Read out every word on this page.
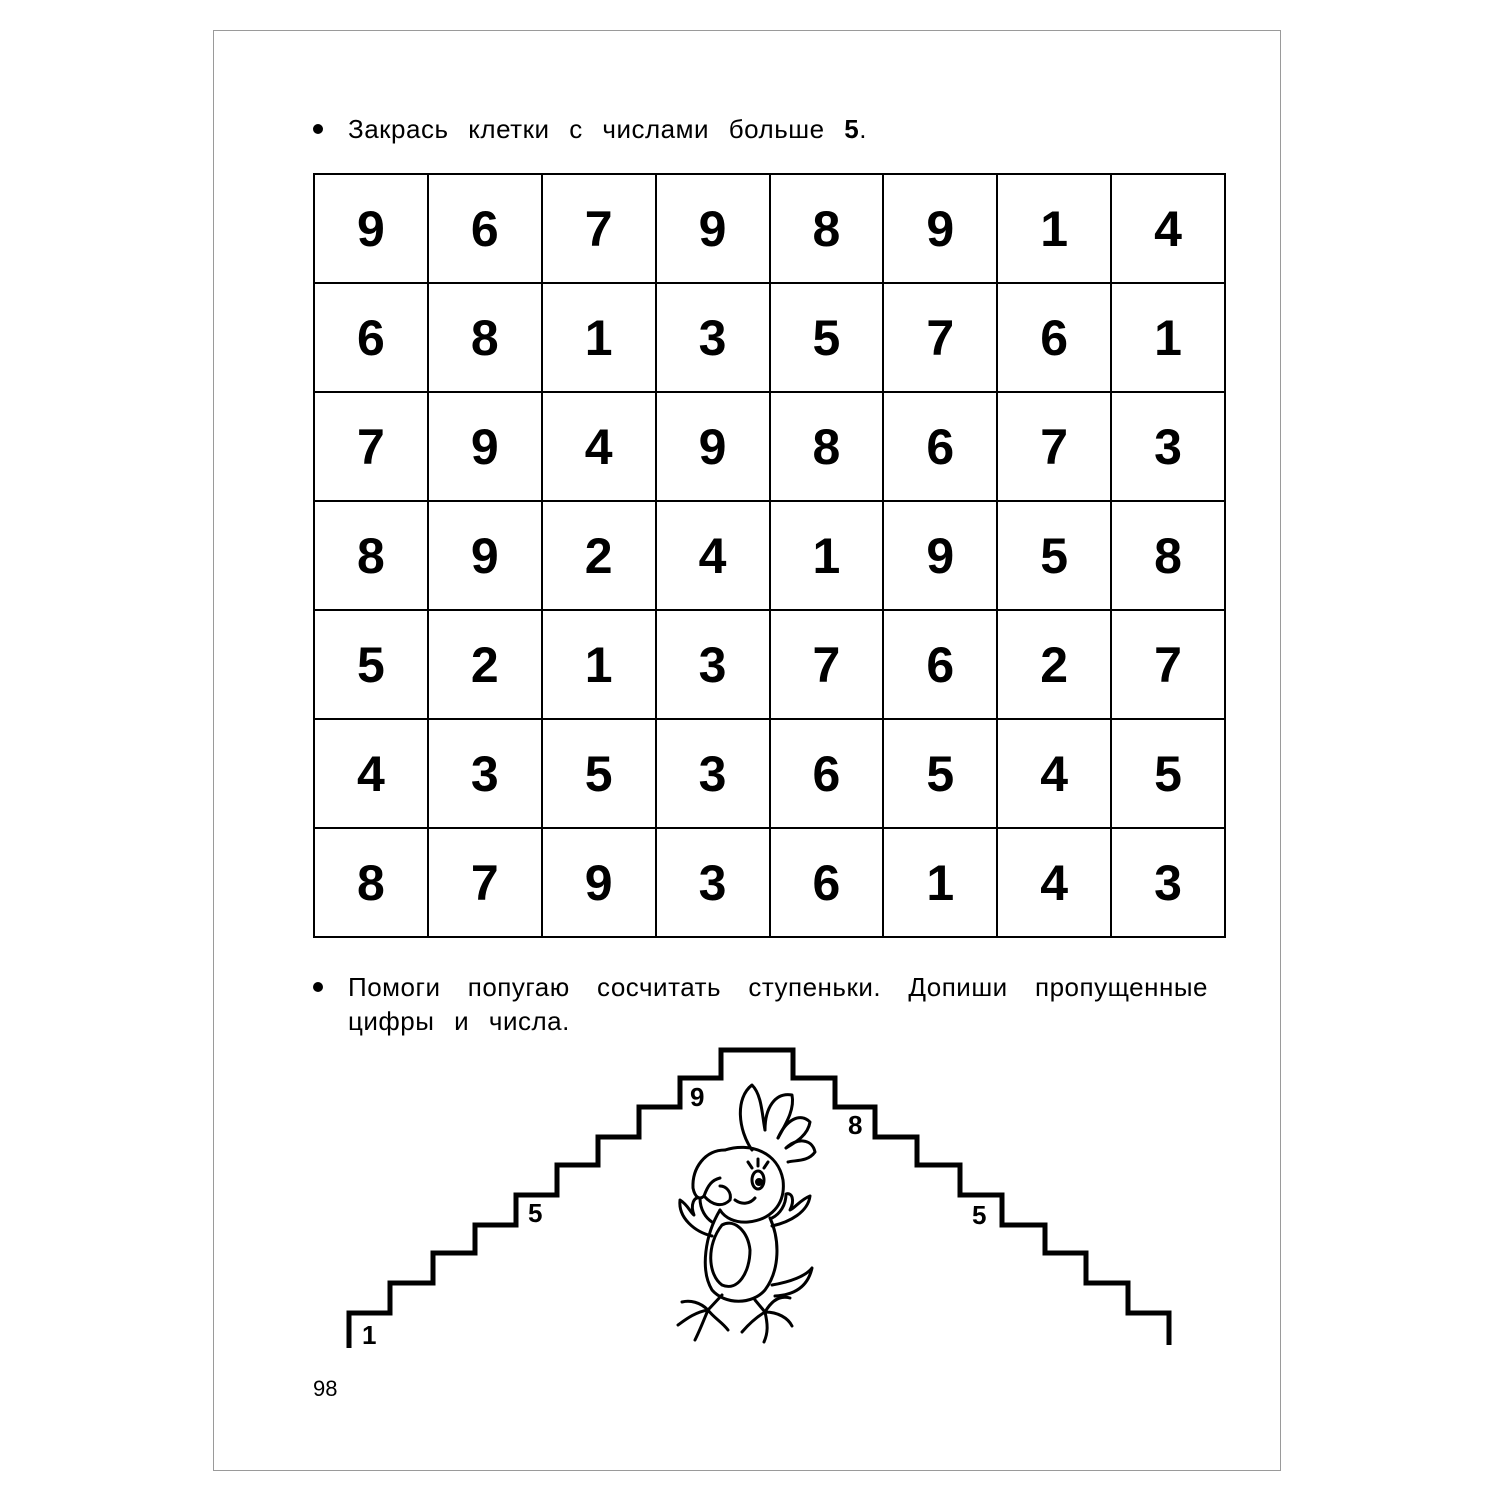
Закрась клетки с числами больше 5.
9	6	7	9	8	9	1	4
6	8	1	3	5	7	6	1
7	9	4	9	8	6	7	3
8	9	2	4	1	9	5	8
5	2	1	3	7	6	2	7
4	3	5	3	6	5	4	5
8	7	9	3	6	1	4	3
Помоги попугаю сосчитать ступеньки. Допиши пропущенные цифры и числа.
1
5
9
8
5
98
